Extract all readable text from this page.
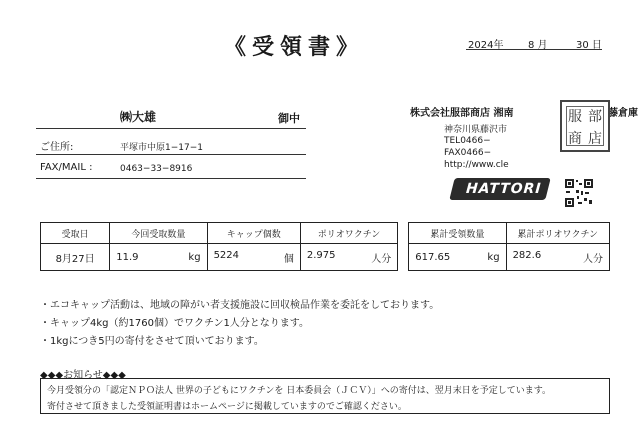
《受領書》	2024年 8 月	30 日
㈱大雄	御中
ご住所:	平塚市中原1−17−1
FAX/MAIL :	0463−33−8916
株式会社服部商店 湘南	藤倉庫
神奈川県藤沢市
TEL0466−
FAX0466−
http://www.cle
服 部
商 店
HATTORI
受取日	今回受取数量	キャップ個数	ポリオワクチン		累計受領数量	累計ポリオワクチン
8月27日	11.9 kg	5224 個	2.975 人分		617.65 kg	282.6 人分
・エコキャップ活動は、地域の障がい者支援施設に回収検品作業を委託をしております。
・キャップ4kg（約1760個）でワクチン1人分となります。
・1kgにつき5円の寄付をさせて頂いております。
◆◆◆お知らせ◆◆◆
今月受領分の「認定ＮＰＯ法人 世界の子どもにワクチンを 日本委員会（ＪＣＶ）」への寄付は、翌月末日を予定しています。
寄付させて頂きました受領証明書はホームページに掲載していますのでご確認ください。
